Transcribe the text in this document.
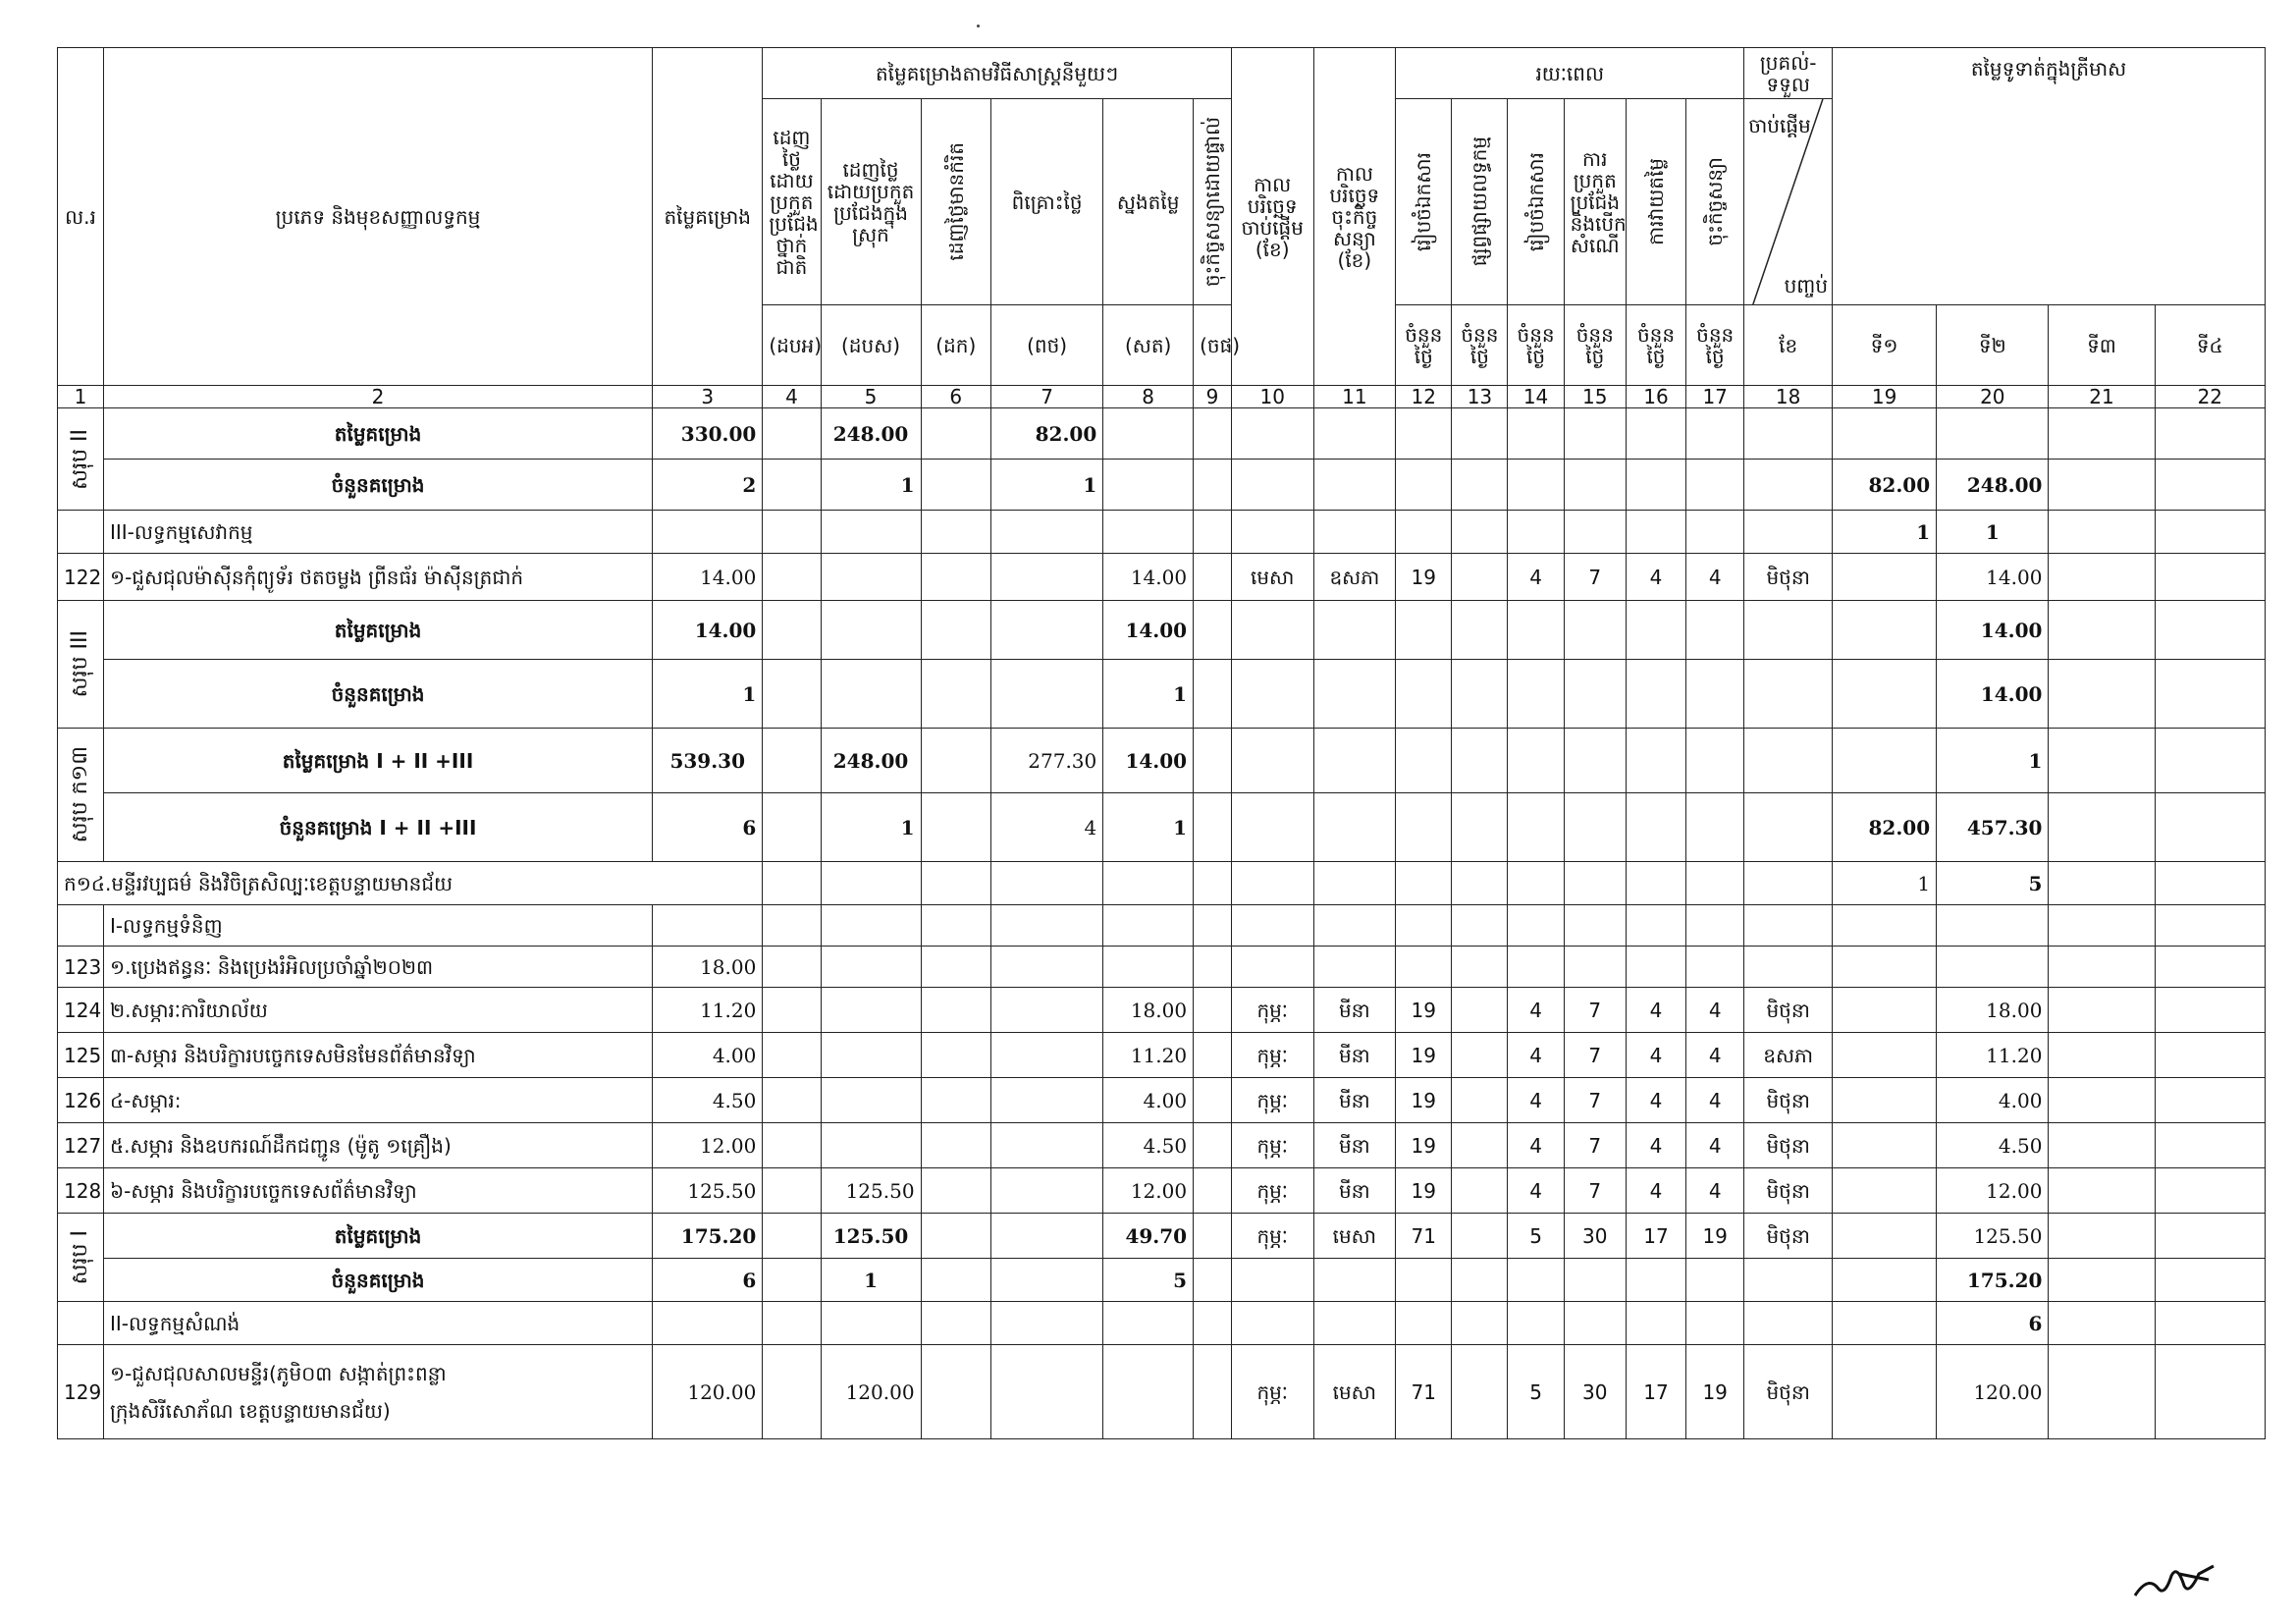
ល.រ	ប្រភេទ និងមុខសញ្ញាលទ្ធកម្ម	តម្លៃគម្រោង	តម្លៃគម្រោងតាមវិធីសាស្ត្រនីមួយៗ						កាលបរិច្ឆេទចាប់ផ្តើម (ខែ)	កាលបរិច្ឆេទចុះកិច្ចសន្យា (ខែ)	រយៈពេល						ប្រគល់-ទទួល	តម្លៃទូទាត់ក្នុងត្រីមាស			
			ដេញថ្លៃដោយប្រកួតប្រជែងថ្នាក់ជាតិ	ដេញថ្លៃដោយប្រកួតប្រជែងក្នុងស្រុក	ដេញថ្លៃមានកំរិត	ពិគ្រោះថ្លៃ	ស្នងតម្លៃ	ចុះកិច្ចសន្យាដោយផ្ទាល់			រៀបចំឯកសារ	ផ្សព្វផ្សាយលទ្ធកម្ម	រៀបចំឯកសារ	ការប្រកួតប្រជែងនិងបើកសំណើ	ការវាយតម្លៃ	ចុះកិច្ចសន្យា	ចាប់ផ្តើម
បញ្ចប់				

			(ដបអ)	(ដបស)	(ដក)	(ពថ)	(សត)	(ចផ)			ចំនួនថ្ងៃ	ចំនួនថ្ងៃ	ចំនួនថ្ងៃ	ចំនួនថ្ងៃ	ចំនួនថ្ងៃ	ចំនួនថ្ងៃ	ខែ	ទី១	ទី២	ទី៣	ទី៤
1	2	3	4	5	6	7	8	9	10	11	12	13	14	15	16	17	18	19	20	21	22

សរុប II	តម្លៃគម្រោង	330.00		248.00		82.00															
	ចំនួនគម្រោង	2		1		1												82.00	248.00		
	III-លទ្ធកម្មសេវាកម្ម																	1	1		
122	១-ជួសជុលម៉ាស៊ីនកុំព្យូទ័រ ថតចម្លង ព្រីនធ័រ ម៉ាស៊ីនត្រជាក់	14.00					14.00		មេសា	ឧសភា	19		4	7	4	4	មិថុនា		14.00		

សរុប III	តម្លៃគម្រោង	14.00					14.00												14.00		
	ចំនួនគម្រោង	1					1												14.00		

សរុប ក១៣	តម្លៃគម្រោង I + II +III	539.30		248.00		277.30	14.00												1		
	ចំនួនគម្រោង I + II +III	6		1		4	1											82.00	457.30		
ក១៤.មន្ទីរវប្បធម៌ និងវិចិត្រសិល្បៈខេត្តបន្ទាយមានជ័យ																		1	5		
	I-លទ្ធកម្មទំនិញ																				
123	១.ប្រេងឥន្ធនៈ និងប្រេងរំអិលប្រចាំឆ្នាំ២០២៣	18.00																			
124	២.សម្ភារៈការិយាល័យ	11.20					18.00		កុម្ភៈ	មីនា	19		4	7	4	4	មិថុនា		18.00		
125	៣-សម្ភារ និងបរិក្ខារបច្ចេកទេសមិនមែនព័ត៌មានវិទ្យា	4.00					11.20		កុម្ភៈ	មីនា	19		4	7	4	4	ឧសភា		11.20		
126	៤-សម្ភារ:	4.50					4.00		កុម្ភៈ	មីនា	19		4	7	4	4	មិថុនា		4.00		
127	៥.សម្ភារ និងឧបករណ៍ដឹកជញ្ជូន (ម៉ូតូ ១គ្រឿង)	12.00					4.50		កុម្ភៈ	មីនា	19		4	7	4	4	មិថុនា		4.50		
128	៦-សម្ភារ និងបរិក្ខារបច្ចេកទេសព័ត៌មានវិទ្យា	125.50		125.50			12.00		កុម្ភៈ	មីនា	19		4	7	4	4	មិថុនា		12.00		

សរុប I	តម្លៃគម្រោង	175.20		125.50			49.70		កុម្ភៈ	មេសា	71		5	30	17	19	មិថុនា		125.50		
	ចំនួនគម្រោង	6		1			5												175.20		
	II-លទ្ធកម្មសំណង់																		6		
129	១-ជួសជុលសាលមន្ទីរ(ភូមិ០៣ សង្កាត់ព្រះពន្លា
ក្រុងសិរីសោភ័ណ ខេត្តបន្ទាយមានជ័យ)	120.00		120.00					កុម្ភៈ	មេសា	71		5	30	17	19	មិថុនា		120.00		
